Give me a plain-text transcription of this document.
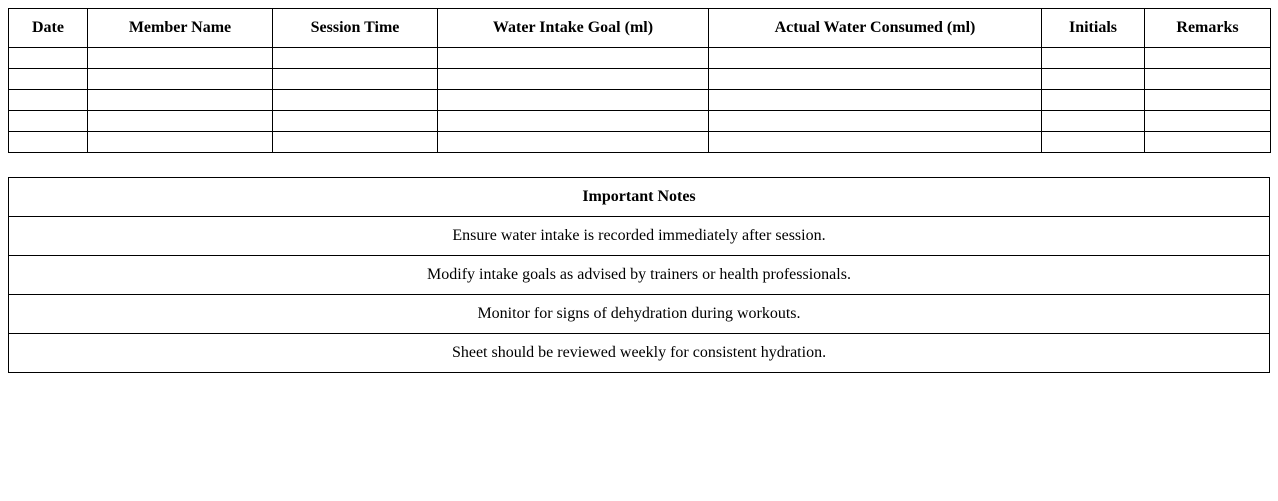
Date	Member Name	Session Time	Water Intake Goal (ml)	Actual Water Consumed (ml)	Initials	Remarks

Important Notes
Ensure water intake is recorded immediately after session.
Modify intake goals as advised by trainers or health professionals.
Monitor for signs of dehydration during workouts.
Sheet should be reviewed weekly for consistent hydration.
